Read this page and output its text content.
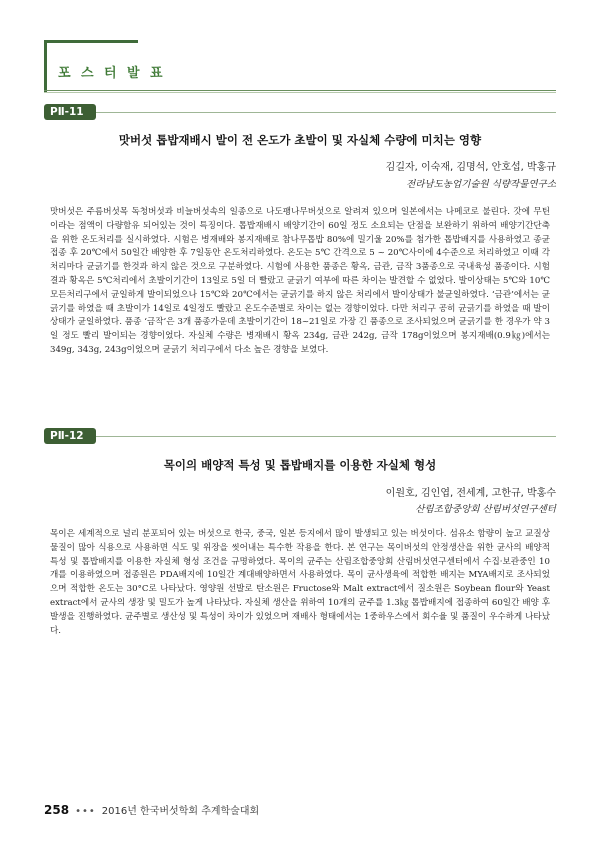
포 스 터 발 표
PⅡ-11
맛버섯 톱밥재배시 발이 전 온도가 초발이 및 자실체 수량에 미치는 영향
김길자, 이숙재, 김명석, 안호섭, 박홍규
전라남도농업기술원 식량작물연구소

맛버섯은 주름버섯목 독청버섯과 비늘버섯속의 일종으로 나도팽나무버섯으로 알려져 있으며 일본에서는 나메코로 불린다. 갓에 무틴이라는 점액이 다량함유 되어있는 것이 특징이다. 톱밥재배시 배양기간이 60일 정도 소요되는 단점을 보완하기 위하여 배양기간단축을 위한 온도처리를 실시하였다. 시험은 병재배와 봉지재배로 참나무톱밥 80%에 밀기울 20%를 첨가한 톱밥배지를 사용하였고 종균 접종 후 20℃에서 50일간 배양한 후 7일동안 온도처리하였다. 온도는 5℃ 간격으로 5 ~ 20℃사이에 4수준으로 처리하였고 이때 각 처리마다 균긁기를 한것과 하지 않은 것으로 구분하였다. 시험에 사용한 품종은 황옥, 금관, 금작 3품종으로 국내육성 품종이다. 시험결과 황옥은 5℃처리에서 초발이기간이 13일로 5일 더 빨랐고 균긁기 여부에 따른 차이는 발견할 수 없었다. 발이상태는 5℃와 10℃ 모든처리구에서 균일하게 발이되었으나 15℃와 20℃에서는 균긁기를 하지 않은 처리에서 발이상태가 불균일하였다. ‘금관’에서는 균긁기를 하였을 때 초발이가 14일로 4일정도 빨랐고 온도수준별로 차이는 없는 경향이었다. 다만 처리구 공히 균긁기를 하였을 때 발이상태가 균일하였다. 품종 ‘금작’은 3개 품종가운데 초발이기간이 18~21일로 가장 긴 품종으로 조사되었으며 균긁기를 한 경우가 약 3일 정도 빨리 발이되는 경향이었다. 자실체 수량은 병재배시 황옥 234g, 금관 242g, 금작 178g이었으며 봉지재배(0.9㎏)에서는 349g, 343g, 243g이었으며 균긁기 처리구에서 다소 높은 경향을 보였다.

PⅡ-12
목이의 배양적 특성 및 톱밥배지를 이용한 자실체 형성
이원호, 김인엽, 전세계, 고한규, 박홍수
산림조합중앙회 산림버섯연구센터

목이은 세계적으로 널리 분포되어 있는 버섯으로 한국, 중국, 일본 등지에서 많이 발생되고 있는 버섯이다. 섬유소 함량이 높고 교질상 물질이 많아 식용으로 사용하면 식도 및 위장을 씻어내는 특수한 작용을 한다. 본 연구는 목이버섯의 안정생산을 위한 균사의 배양적 특성 및 톱밥배지를 이용한 자실체 형성 조건을 규명하였다. 목이의 균주는 산림조합중앙회 산림버섯연구센터에서 수집·보관중인 10개를 이용하였으며 접종원은 PDA배지에 10일간 계대배양하면서 사용하였다. 목이 균사생육에 적합한 배지는 MYA배지로 조사되었으며 적합한 온도는 30°C로 나타났다. 영양원 선발로 탄소원은 Fructose와 Malt extract에서 질소원은 Soybean flour와 Yeast extract에서 균사의 생장 및 밀도가 높게 나타났다. 자실체 생산을 위하여 10개의 균주를 1.3㎏ 톱밥배지에 접종하여 60일간 배양 후 발생을 진행하였다. 균주별로 생산성 및 특성이 차이가 있었으며 재배사 형태에서는 1중하우스에서 회수율 및 품질이 우수하게 나타났다.

258 ••• 2016년 한국버섯학회 추계학술대회
